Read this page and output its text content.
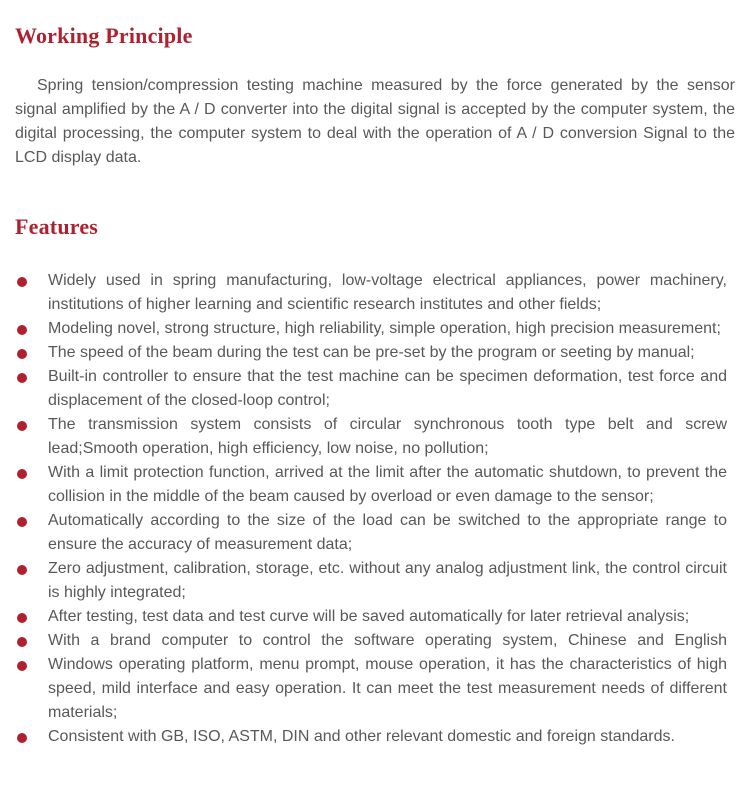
Working Principle

Spring tension/compression testing machine measured by the force generated by the sensor signal amplified by the A / D converter into the digital signal is accepted by the computer system, the digital processing, the computer system to deal with the operation of A / D conversion Signal to the LCD display data.

Features
Widely used in spring manufacturing, low-voltage electrical appliances, power machinery, institutions of higher learning and scientific research institutes and other fields;
Modeling novel, strong structure, high reliability, simple operation, high precision measurement;
The speed of the beam during the test can be pre-set by the program or seeting by manual;
Built-in controller to ensure that the test machine can be specimen deformation, test force and displacement of the closed-loop control;
The transmission system consists of circular synchronous tooth type belt and screw lead;Smooth operation, high efficiency, low noise, no pollution;
With a limit protection function, arrived at the limit after the automatic shutdown, to prevent the collision in the middle of the beam caused by overload or even damage to the sensor;
Automatically according to the size of the load can be switched to the appropriate range to ensure the accuracy of measurement data;
Zero adjustment, calibration, storage, etc. without any analog adjustment link, the control circuit is highly integrated;
After testing, test data and test curve will be saved automatically for later retrieval analysis;
With a brand computer to control the software operating system, Chinese and English
Windows operating platform, menu prompt, mouse operation, it has the characteristics of high speed, mild interface and easy operation. It can meet the test measurement needs of different materials;
Consistent with GB, ISO, ASTM, DIN and other relevant domestic and foreign standards.
